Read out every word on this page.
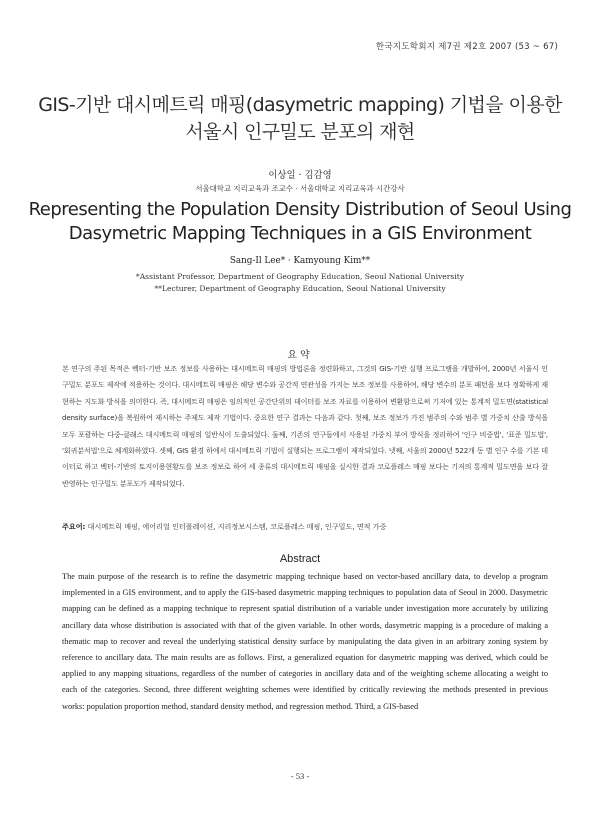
한국지도학회지 제7권 제2호 2007 (53 ~ 67)
GIS-기반 대시메트릭 매핑(dasymetric mapping) 기법을 이용한 서울시 인구밀도 분포의 재현
이상일 · 김감영
서울대학교 지리교육과 조교수 · 서울대학교 지리교육과 시간강사
Representing the Population Density Distribution of Seoul Using Dasymetric Mapping Techniques in a GIS Environment
Sang-Il Lee* · Kamyoung Kim**
*Assistant Professor, Department of Geography Education, Seoul National University
**Lecturer, Department of Geography Education, Seoul National University
요약

본 연구의 주된 목적은 벡터-기반 보조 정보를 사용하는 대시메트릭 매핑의 방법론을 정련화하고, 그것의 GIS-기반 실행 프로그램을 개발하여, 2000년 서울시 인구밀도 분포도 제작에 적용하는 것이다. 대시메트릭 매핑은 해당 변수와 공간적 연관성을 가지는 보조 정보를 사용하여, 해당 변수의 분포 패턴을 보다 정확하게 재현하는 지도화 방식을 의미한다. 즉, 대시메트릭 매핑은 임의적인 공간단위의 데이터를 보조 자료를 이용하여 변환함으로써 기저에 있는 통계적 밀도면(statistical density surface)을 복원하여 제시하는 주제도 제작 기법이다. 중요한 연구 결과는 다음과 같다. 첫째, 보조 정보가 가진 범주의 수와 범주 별 가중치 산출 방식을 모두 포괄하는 다중-클래스 대시메트릭 매핑의 일반식이 도출되었다. 둘째, 기존의 연구들에서 사용된 가중치 부여 방식을 정리하여 '인구 비중법', '표준 밀도법', '회귀분석법'으로 체계화하였다. 셋째, GIS 환경 하에서 대시메트릭 기법이 실행되는 프로그램이 제작되었다. 넷째, 서울의 2000년 522개 동 별 인구 수를 기본 데이터로 하고 벡터-기반의 토지이용현황도를 보조 정보로 하여 세 종류의 대시메트릭 매핑을 실시한 결과 코로플레스 매핑 보다는 기저의 통계적 밀도면을 보다 잘 반영하는 인구밀도 분포도가 제작되었다.

주요어: 대시메트릭 매핑, 에어리얼 인터폴레이션, 지리정보시스템, 코로플레스 매핑, 인구밀도, 면적 가중
Abstract

The main purpose of the research is to refine the dasymetric mapping technique based on vector-based ancillary data, to develop a program implemented in a GIS environment, and to apply the GIS-based dasymetric mapping techniques to population data of Seoul in 2000. Dasymetric mapping can be defined as a mapping technique to represent spatial distribution of a variable under investigation more accurately by utilizing ancillary data whose distribution is associated with that of the given variable. In other words, dasymetric mapping is a procedure of making a thematic map to recover and reveal the underlying statistical density surface by manipulating the data given in an arbitrary zoning system by reference to ancillary data. The main results are as follows. First, a generalized equation for dasymetric mapping was derived, which could be applied to any mapping situations, regardless of the number of categories in ancillary data and of the weighting scheme allocating a weight to each of the categories. Second, three different weighting schemes were identified by critically reviewing the methods presented in previous works: population proportion method, standard density method, and regression method. Third, a GIS-based

- 53 -
